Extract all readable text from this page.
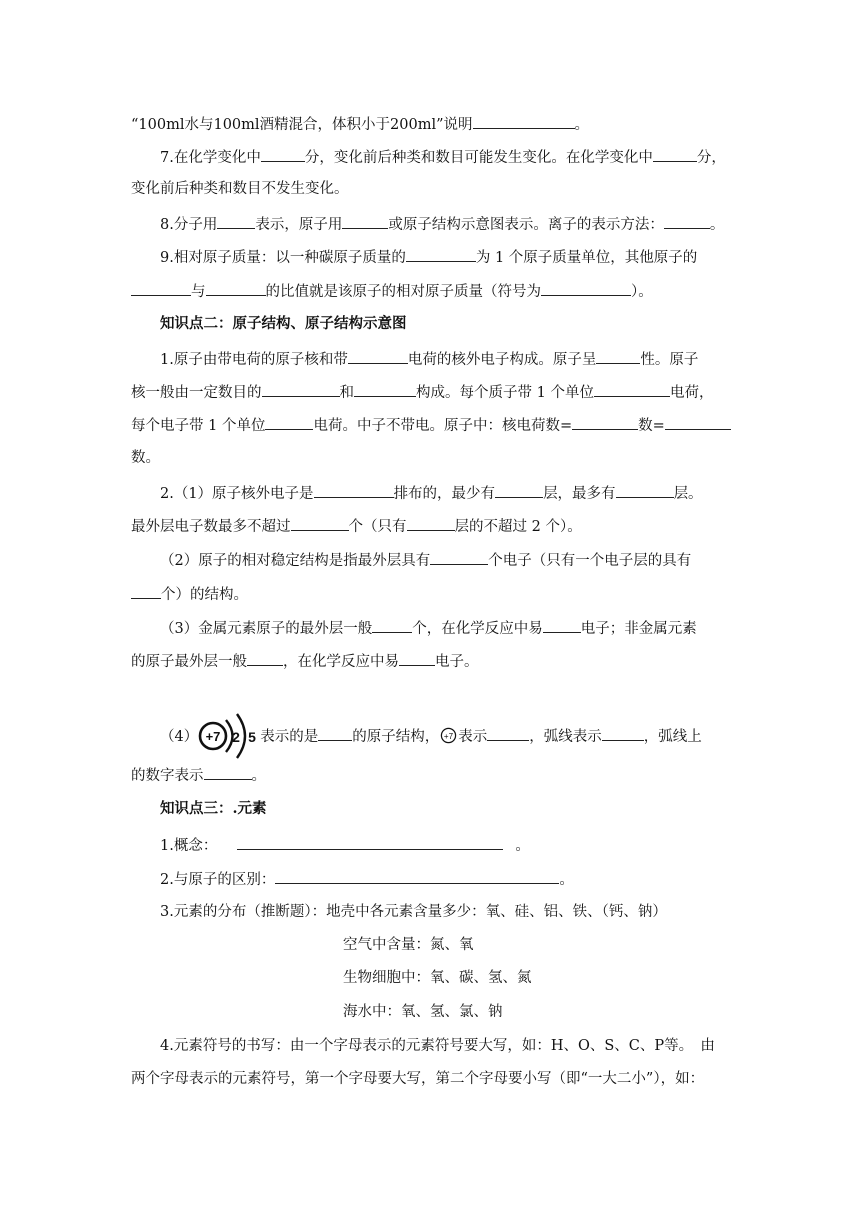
“100ml水与100ml酒精混合，体积小于200ml”说明	。
7.在化学变化中	分，变化前后种类和数目可能发生变化。在化学变化中	分，
变化前后种类和数目不发生变化。
8.分子用	表示，原子用	或原子结构示意图表示。离子的表示方法：	。
9.相对原子质量：以一种碳原子质量的	为 1 个原子质量单位，其他原子的
与	的比值就是该原子的相对原子质量（符号为	）。
知识点二：原子结构、原子结构示意图
1.原子由带电荷的原子核和带	电荷的核外电子构成。原子呈	性。原子
核一般由一定数目的	和	构成。每个质子带 1 个单位	电荷，
每个电子带 1 个单位	电荷。中子不带电。原子中：核电荷数=	数=
数。
2.（1）原子核外电子是	排布的，最少有	层，最多有	层。
最外层电子数最多不超过	个（只有	层的不超过 2 个）。
（2）原子的相对稳定结构是指最外层具有	个电子（只有一个电子层的具有
个）的结构。
（3）金属元素原子的最外层一般	个，在化学反应中易	电子；非金属元素
的原子最外层一般 ，在化学反应中易 电子。
+7 2 5
（4）	表示的是 的原子结构， +7 表示	，弧线表示	，弧线上
的数字表示	。
知识点三：.元素
1.概念：	。
2.与原子的区别：	。
3.元素的分布（推断题）：地壳中各元素含量多少：氧、硅、铝、铁、（钙、钠）
空气中含量：氮、氧
生物细胞中：氧、碳、氢、氮
海水中：氧、氢、氯、钠
4.元素符号的书写：由一个字母表示的元素符号要大写，如：H、O、S、C、P等。　由
两个字母表示的元素符号，第一个字母要大写，第二个字母要小写（即“一大二小”），如：
